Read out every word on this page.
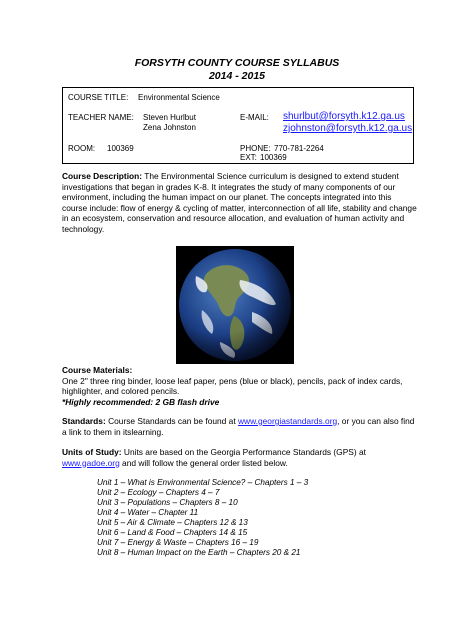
FORSYTH COUNTY COURSE SYLLABUS
2014 - 2015
COURSE TITLE: Environmental Science
TEACHER NAME: Steven Hurlbut
Zena Johnston
E-MAIL: shurlbut@forsyth.k12.ga.us
zjohnston@forsyth.k12.ga.us
ROOM: 100369	PHONE: 770-781-2264
EXT: 100369
Course Description: The Environmental Science curriculum is designed to extend student investigations that began in grades K-8. It integrates the study of many components of our environment, including the human impact on our planet. The concepts integrated into this course include: flow of energy & cycling of matter, interconnection of all life, stability and change in an ecosystem, conservation and resource allocation, and evaluation of human activity and technology.
Course Materials:
One 2" three ring binder, loose leaf paper, pens (blue or black), pencils, pack of index cards, highlighter, and colored pencils.
*Highly recommended: 2 GB flash drive
Standards: Course Standards can be found at www.georgiastandards.org, or you can also find a link to them in itslearning.
Units of Study: Units are based on the Georgia Performance Standards (GPS) at www.gadoe.org and will follow the general order listed below.
Unit 1 – What is Environmental Science? – Chapters 1 – 3
Unit 2 – Ecology – Chapters 4 – 7
Unit 3 – Populations – Chapters 8 – 10
Unit 4 – Water – Chapter 11
Unit 5 – Air & Climate – Chapters 12 & 13
Unit 6 – Land & Food – Chapters 14 & 15
Unit 7 – Energy & Waste – Chapters 16 – 19
Unit 8 – Human Impact on the Earth – Chapters 20 & 21
